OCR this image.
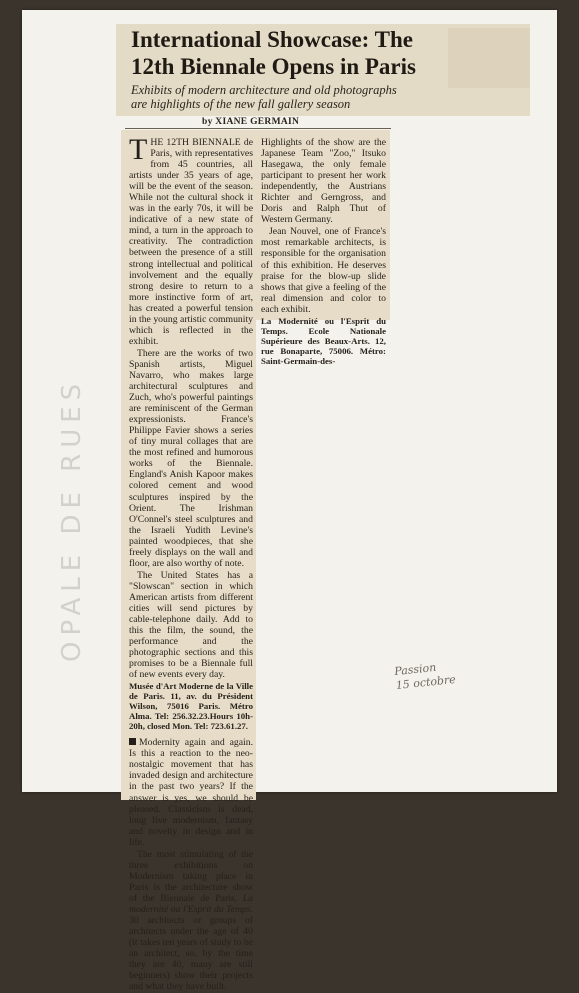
OPALE DE RUES
International Showcase: The
12th Biennale Opens in Paris
Exhibits of modern architecture and old photographs
are highlights of the new fall gallery season
by XIANE GERMAIN

THE 12TH BIENNALE de Paris, with representatives from 45 countries, all artists under 35 years of age, will be the event of the season. While not the cultural shock it was in the early 70s, it will be indicative of a new state of mind, a turn in the approach to creativity. The contradiction between the presence of a still strong intellectual and political involvement and the equally strong desire to return to a more instinctive form of art, has created a powerful tension in the young artistic community which is reflected in the exhibit.

There are the works of two Spanish artists, Miguel Navarro, who makes large architectural sculptures and Zuch, who's powerful paintings are reminiscent of the German expressionists. France's Philippe Favier shows a series of tiny mural collages that are the most refined and humorous works of the Biennale. England's Anish Kapoor makes colored cement and wood sculptures inspired by the Orient. The Irishman O'Connel's steel sculptures and the Israeli Yudith Levine's painted woodpieces, that she freely displays on the wall and floor, are also worthy of note.

The United States has a "Slowscan" section in which American artists from different cities will send pictures by cable-telephone daily. Add to this the film, the sound, the performance and the photographic sections and this promises to be a Biennale full of new events every day.

Musée d'Art Moderne de la Ville de Paris. 11, av. du Président Wilson, 75016 Paris. Métro Alma. Tel: 256.32.23.Hours 10h-20h, closed Mon. Tel: 723.61.27.

Modernity again and again. Is this a reaction to the neo-nostalgic movement that has invaded design and architecture in the past two years? If the answer is yes, we should be pleased. Classicism is dead, long live modernism, fantasy and novelty in design and in life.

The most stimulating of the three exhibitions on Modernism taking place in Paris is the architecture show of the Biennale de Paris, La modernité ou l'Esprit du Temps. 30 architects or groups of architects under the age of 40 (it takes ten years of study to be an architect, so, by the time they are 40, many are still beginners) show their projects and what they have built.

Highlights of the show are the Japanese Team "Zoo," Itsuko Hasegawa, the only female participant to present her work independently, the Austrians Richter and Gerngross, and Doris and Ralph Thut of Western Germany.

Jean Nouvel, one of France's most remarkable architects, is responsible for the organisation of this exhibition. He deserves praise for the blow-up slide shows that give a feeling of the real dimension and color to each exhibit.

La Modernité ou l'Esprit du Temps. Ecole Nationale Supérieure des Beaux-Arts. 12, rue Bonaparte, 75006. Métro: Saint-Germain-des-

Passion
15 octobre
